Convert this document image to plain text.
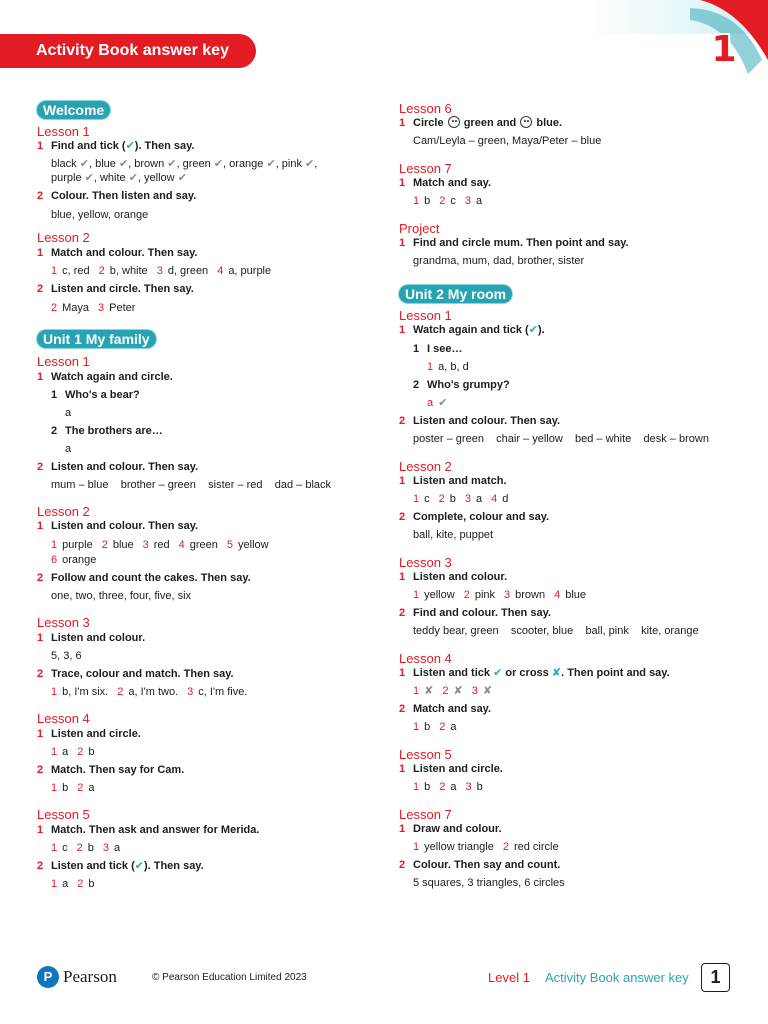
Activity Book answer key	1
Welcome
Lesson 1
1 Find and tick (✔). Then say.
black ✔, blue ✔, brown ✔, green ✔, orange ✔, pink ✔,
purple ✔, white ✔, yellow ✔
2 Colour. Then listen and say.
blue, yellow, orange
Lesson 2
1 Match and colour. Then say.
1 c, red 2 b, white 3 d, green 4 a, purple
2 Listen and circle. Then say.
2 Maya 3 Peter
Unit 1 My family
Lesson 1
1 Watch again and circle.
1 Who's a bear?
a
2 The brothers are…
a
2 Listen and colour. Then say.
mum – blue    brother – green    sister – red    dad – black
Lesson 2
1 Listen and colour. Then say.
1 purple 2 blue 3 red 4 green 5 yellow
6 orange
2 Follow and count the cakes. Then say.
one, two, three, four, five, six
Lesson 3
1 Listen and colour.
5, 3, 6
2 Trace, colour and match. Then say.
1 b, I'm six. 2 a, I'm two. 3 c, I'm five.
Lesson 4
1 Listen and circle.
1 a 2 b
2 Match. Then say for Cam.
1 b 2 a
Lesson 5
1 Match. Then ask and answer for Merida.
1 c 2 b 3 a
2 Listen and tick (✔). Then say.
1 a 2 b
Lesson 6
1 Circle green and blue.
Cam/Leyla – green, Maya/Peter – blue
Lesson 7
1 Match and say.
1 b 2 c 3 a
Project
1 Find and circle mum. Then point and say.
grandma, mum, dad, brother, sister
Unit 2 My room
Lesson 1
1 Watch again and tick (✔).
1 I see…
1 a, b, d
2 Who's grumpy?
a ✔
2 Listen and colour. Then say.
poster – green    chair – yellow    bed – white    desk – brown
Lesson 2
1 Listen and match.
1 c 2 b 3 a 4 d
2 Complete, colour and say.
ball, kite, puppet
Lesson 3
1 Listen and colour.
1 yellow 2 pink 3 brown 4 blue
2 Find and colour. Then say.
teddy bear, green    scooter, blue    ball, pink    kite, orange
Lesson 4
1 Listen and tick ✔ or cross ✘. Then point and say.
1 ✘ 2 ✘ 3 ✘
2 Match and say.
1 b 2 a
Lesson 5
1 Listen and circle.
1 b 2 a 3 b
Lesson 7
1 Draw and colour.
1 yellow triangle 2 red circle
2 Colour. Then say and count.
5 squares, 3 triangles, 6 circles
P Pearson	© Pearson Education Limited 2023	Level 1 Activity Book answer key	1
